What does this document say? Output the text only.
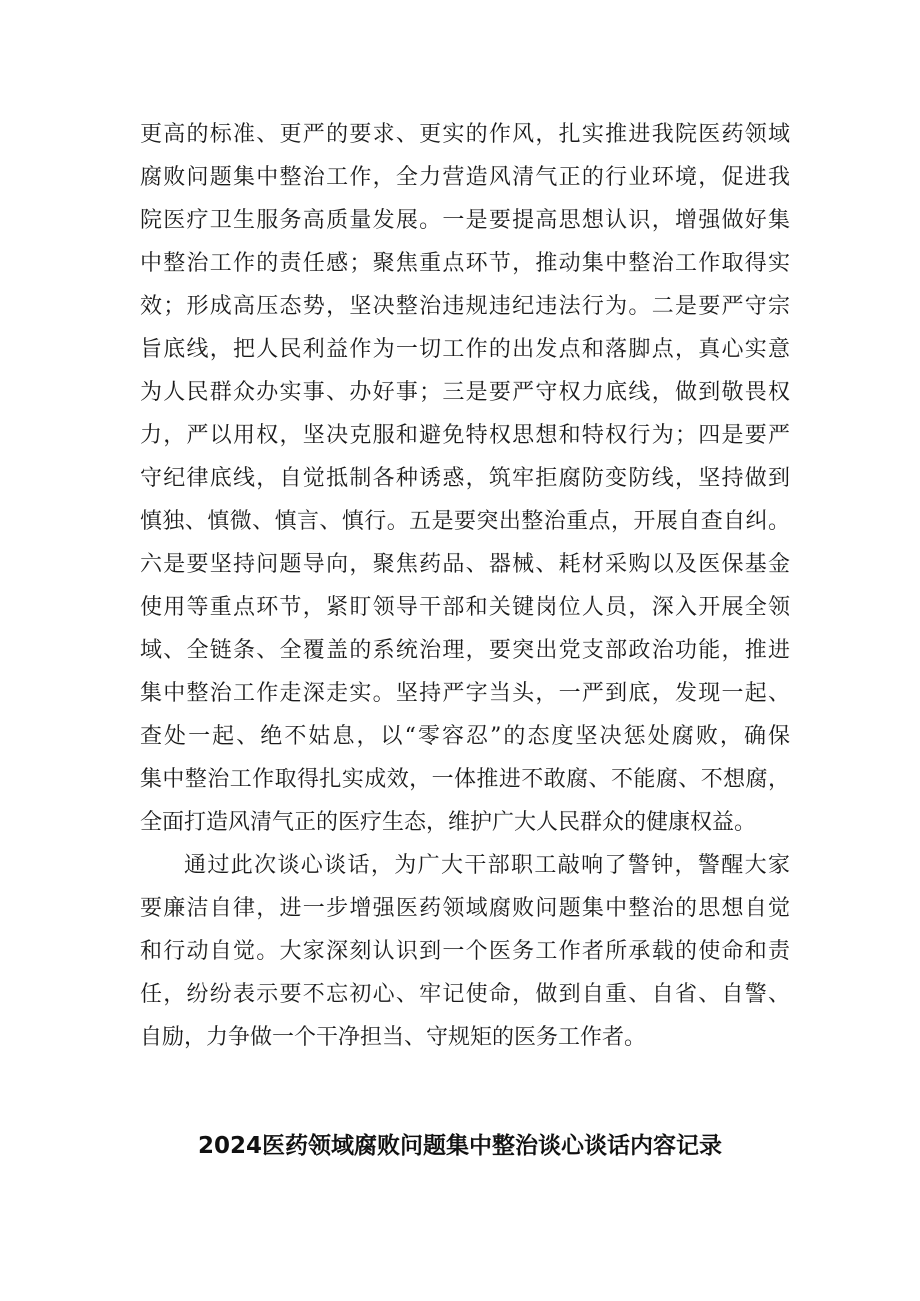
更高的标准、更严的要求、更实的作风，扎实推进我院医药领域
腐败问题集中整治工作，全力营造风清气正的行业环境，促进我
院医疗卫生服务高质量发展。一是要提高思想认识，增强做好集
中整治工作的责任感；聚焦重点环节，推动集中整治工作取得实
效；形成高压态势，坚决整治违规违纪违法行为。二是要严守宗
旨底线，把人民利益作为一切工作的出发点和落脚点，真心实意
为人民群众办实事、办好事；三是要严守权力底线，做到敬畏权
力，严以用权，坚决克服和避免特权思想和特权行为；四是要严
守纪律底线，自觉抵制各种诱惑，筑牢拒腐防变防线，坚持做到
慎独、慎微、慎言、慎行。五是要突出整治重点，开展自查自纠。
六是要坚持问题导向，聚焦药品、器械、耗材采购以及医保基金
使用等重点环节，紧盯领导干部和关键岗位人员，深入开展全领
域、全链条、全覆盖的系统治理，要突出党支部政治功能，推进
集中整治工作走深走实。坚持严字当头，一严到底，发现一起、
查处一起、绝不姑息，以“零容忍”的态度坚决惩处腐败，确保
集中整治工作取得扎实成效，一体推进不敢腐、不能腐、不想腐，
全面打造风清气正的医疗生态，维护广大人民群众的健康权益。
通过此次谈心谈话，为广大干部职工敲响了警钟，警醒大家
要廉洁自律，进一步增强医药领域腐败问题集中整治的思想自觉
和行动自觉。大家深刻认识到一个医务工作者所承载的使命和责
任，纷纷表示要不忘初心、牢记使命，做到自重、自省、自警、
自励，力争做一个干净担当、守规矩的医务工作者。
2024医药领域腐败问题集中整治谈心谈话内容记录
